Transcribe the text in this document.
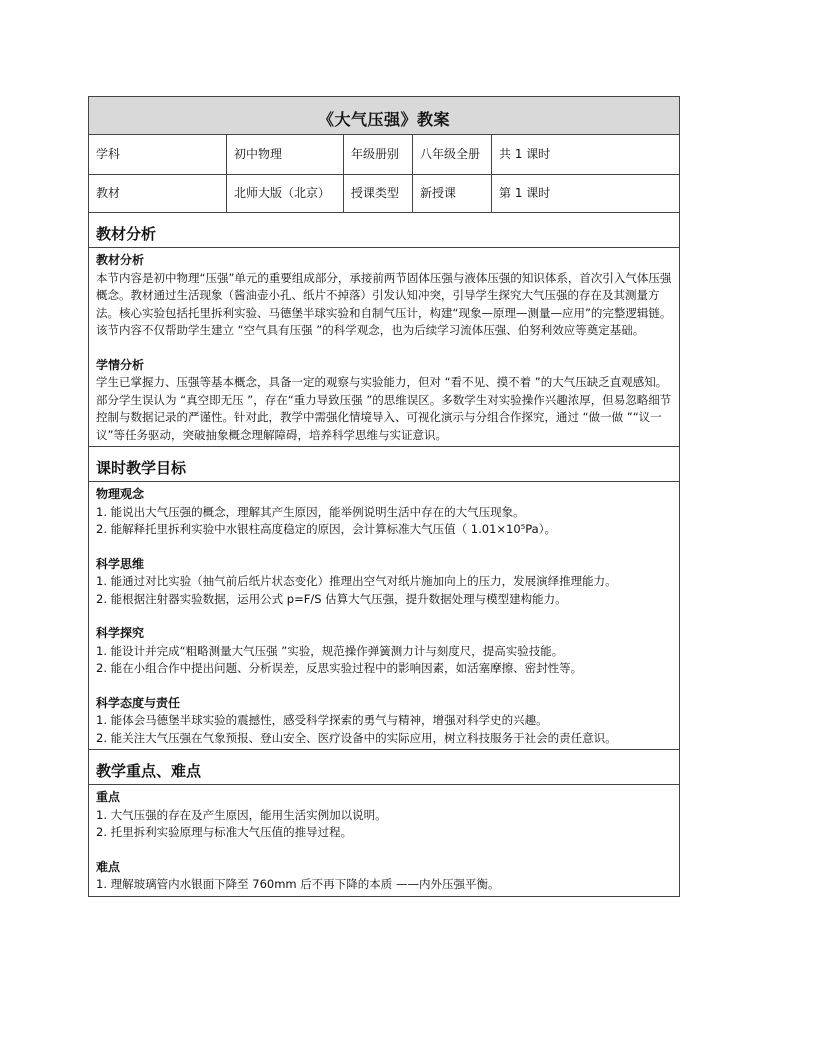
《大气压强》教案
学科	初中物理	年级册别	八年级全册	共 1 课时
教材	北师大版（北京）	授课类型	新授课	第 1 课时
教材分析

教材分析

本节内容是初中物理“压强”单元的重要组成部分，承接前两节固体压强与液体压强的知识体系，首次引入气体压强概念。教材通过生活现象（酱油壶小孔、纸片不掉落）引发认知冲突，引导学生探究大气压强的存在及其测量方法。核心实验包括托里拆利实验、马德堡半球实验和自制气压计，构建“现象—原理—测量—应用”的完整逻辑链。该节内容不仅帮助学生建立 “空气具有压强 ”的科学观念，也为后续学习流体压强、伯努利效应等奠定基础。

学情分析

学生已掌握力、压强等基本概念，具备一定的观察与实验能力，但对 “看不见、摸不着 ”的大气压缺乏直观感知。部分学生误认为 “真空即无压 ”，存在“重力导致压强 ”的思维误区。多数学生对实验操作兴趣浓厚，但易忽略细节控制与数据记录的严谨性。针对此，教学中需强化情境导入、可视化演示与分组合作探究，通过 “做一做 ”“议一议”等任务驱动，突破抽象概念理解障碍，培养科学思维与实证意识。

课时教学目标

物理观念

1. 能说出大气压强的概念，理解其产生原因，能举例说明生活中存在的大气压现象。

2. 能解释托里拆利实验中水银柱高度稳定的原因，会计算标准大气压值（ 1.01×10⁵Pa）。

科学思维

1. 能通过对比实验（抽气前后纸片状态变化）推理出空气对纸片施加向上的压力，发展演绎推理能力。

2. 能根据注射器实验数据，运用公式 p=F/S 估算大气压强，提升数据处理与模型建构能力。

科学探究

1. 能设计并完成“粗略测量大气压强 ”实验，规范操作弹簧测力计与刻度尺，提高实验技能。

2. 能在小组合作中提出问题、分析误差，反思实验过程中的影响因素，如活塞摩擦、密封性等。

科学态度与责任

1. 能体会马德堡半球实验的震撼性，感受科学探索的勇气与精神，增强对科学史的兴趣。

2. 能关注大气压强在气象预报、登山安全、医疗设备中的实际应用，树立科技服务于社会的责任意识。

教学重点、难点

重点

1. 大气压强的存在及产生原因，能用生活实例加以说明。

2. 托里拆利实验原理与标准大气压值的推导过程。

难点

1. 理解玻璃管内水银面下降至 760mm 后不再下降的本质 ——内外压强平衡。
